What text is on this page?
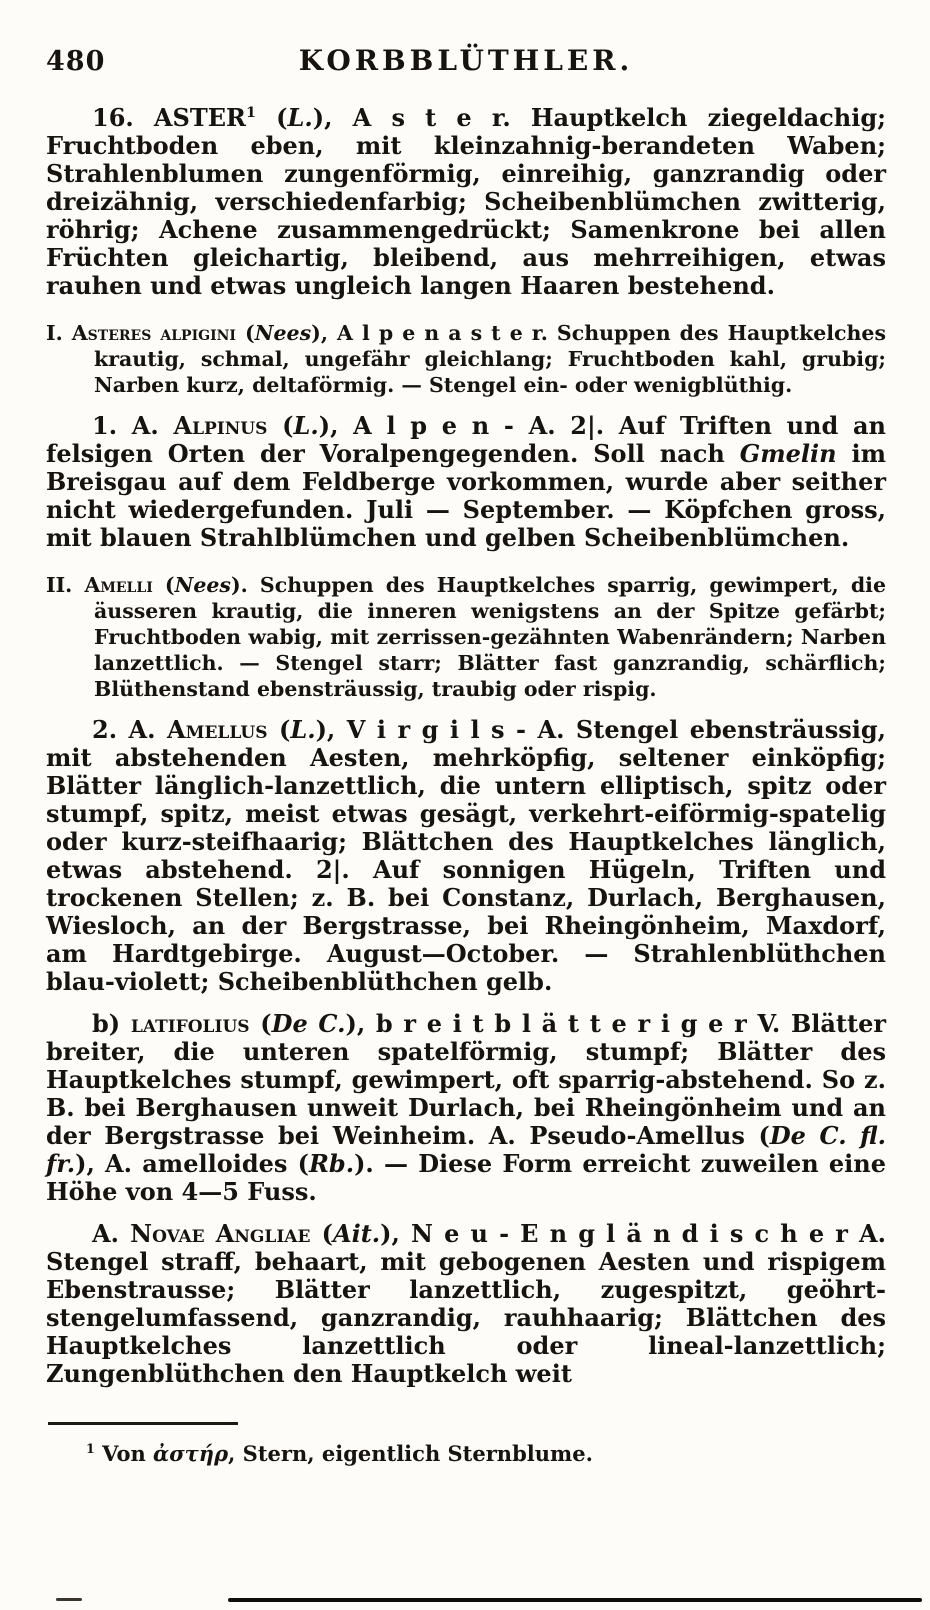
480	KORBBLÜTHLER.

16. ASTER$^1$ (L.), A s t e r. Hauptkelch ziegeldachig; Fruchtboden eben, mit kleinzahnig-berandeten Waben; Strahlenblumen zungenförmig, einreihig, ganzrandig oder dreizähnig, verschiedenfarbig; Scheibenblümchen zwitterig, röhrig; Achene zusammengedrückt; Samenkrone bei allen Früchten gleichartig, bleibend, aus mehrreihigen, etwas rauhen und etwas ungleich langen Haaren bestehend.

I. Asteres alpigini (Nees), A l p e n a s t e r. Schuppen des Hauptkelches krautig, schmal, ungefähr gleichlang; Fruchtboden kahl, grubig; Narben kurz, deltaförmig. — Stengel ein- oder wenigblüthig.

1. A. Alpinus (L.), A l p e n - A. 2|. Auf Triften und an felsigen Orten der Voralpengegenden. Soll nach Gmelin im Breisgau auf dem Feldberge vorkommen, wurde aber seither nicht wiedergefunden. Juli — September. — Köpfchen gross, mit blauen Strahlblümchen und gelben Scheibenblümchen.

II. Amelli (Nees). Schuppen des Hauptkelches sparrig, gewimpert, die äusseren krautig, die inneren wenigstens an der Spitze gefärbt; Fruchtboden wabig, mit zerrissen-gezähnten Wabenrändern; Narben lanzettlich. — Stengel starr; Blätter fast ganzrandig, schärflich; Blüthenstand ebensträussig, traubig oder rispig.

2. A. Amellus (L.), V i r g i l s - A. Stengel ebensträussig, mit abstehenden Aesten, mehrköpfig, seltener einköpfig; Blätter länglich-lanzettlich, die untern elliptisch, spitz oder stumpf, spitz, meist etwas gesägt, verkehrt-eiförmig-spatelig oder kurz-steifhaarig; Blättchen des Hauptkelches länglich, etwas abstehend. 2|. Auf sonnigen Hügeln, Triften und trockenen Stellen; z. B. bei Constanz, Durlach, Berghausen, Wiesloch, an der Bergstrasse, bei Rheingönheim, Maxdorf, am Hardtgebirge. August—October. — Strahlenblüthchen blau-violett; Scheibenblüthchen gelb.

b) latifolius (De C.), b r e i t b l ä t t e r i g e r V. Blätter breiter, die unteren spatelförmig, stumpf; Blätter des Hauptkelches stumpf, gewimpert, oft sparrig-abstehend. So z. B. bei Berghausen unweit Durlach, bei Rheingönheim und an der Bergstrasse bei Weinheim. A. Pseudo-Amellus (De C. fl. fr.), A. amelloides (Rb.). — Diese Form erreicht zuweilen eine Höhe von 4—5 Fuss.

A. Novae Angliae (Ait.), N e u - E n g l ä n d i s c h e r A. Stengel straff, behaart, mit gebogenen Aesten und rispigem Ebenstrausse; Blätter lanzettlich, zugespitzt, geöhrt-stengelumfassend, ganzrandig, rauhhaarig; Blättchen des Hauptkelches lanzettlich oder lineal-lanzettlich; Zungenblüthchen den Hauptkelch weit

$^1$ Von ἀστήρ, Stern, eigentlich Sternblume.
